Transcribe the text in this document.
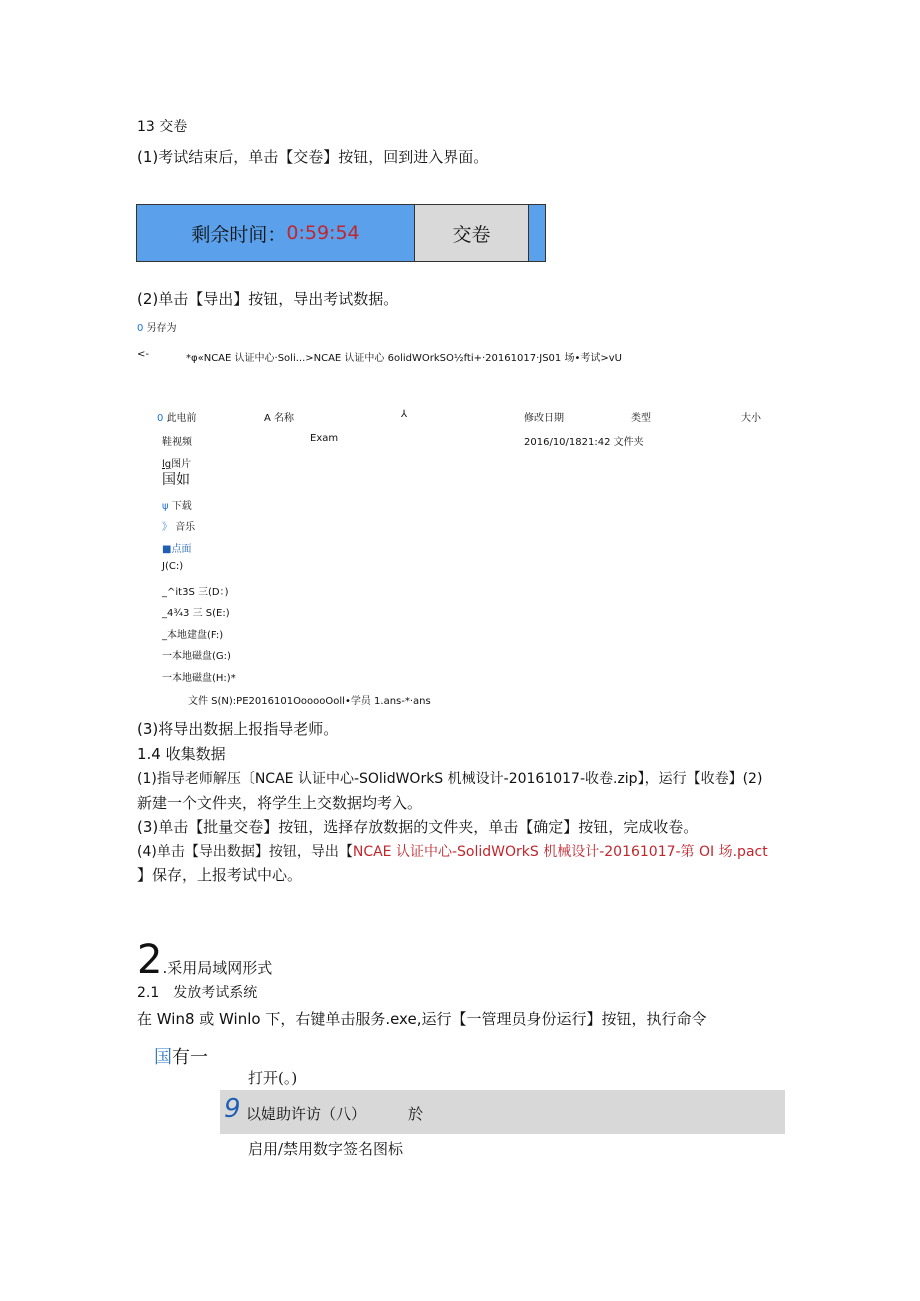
13 交卷
(1)考试结束后，单击【交卷】按钮，回到进入界面。
剩余时间： 0:59:54	交卷
(2)单击【导出】按钮，导出考试数据。
0 另存为
<-	*φ«NCAE 认证中心·Soli...>NCAE 认证中心 6olidWOrkSO½fti+·20161017·JS01 场•考试>vU
0 此电前	A 名称	⅄	修改日期	类型	大小
鞋视频	Exam	2016/10/1821:42 文件夹
lg图片
国如
ψ 下载
》 音乐
■点面
J(C:)
_^it3S 三(D：)
_4¾3 三 S(E:)
_本地建盘(F:)
一本地磁盘(G:)
一本地磁盘(H:)*
文件 S(N):PE2016101OooooOoll•学员 1.ans-*·ans
(3)将导出数据上报指导老师。
1.4 收集数据
(1)指导老师解压〔NCAE 认证中心-SOlidWOrkS 机械设计-20161017-收卷.zip】，运行【收卷】(2)
新建一个文件夹，将学生上交数据均考入。
(3)单击【批量交卷】按钮，选择存放数据的文件夹，单击【确定】按钮，完成收卷。
(4)单击【导出数据】按钮，导出【NCAE 认证中心-SolidWOrkS 机械设计-20161017-第 OI 场.pact
】保存，上报考试中心。
2 .采用局域网形式
2.1　发放考试系统
在 Win8 或 Winlo 下，右键单击服务.exe,运行【一管理员身份运行】按钮，执行命令
国有一
打开(。)
9 以媫助许访（八）	於
启用/禁用数字签名图标
